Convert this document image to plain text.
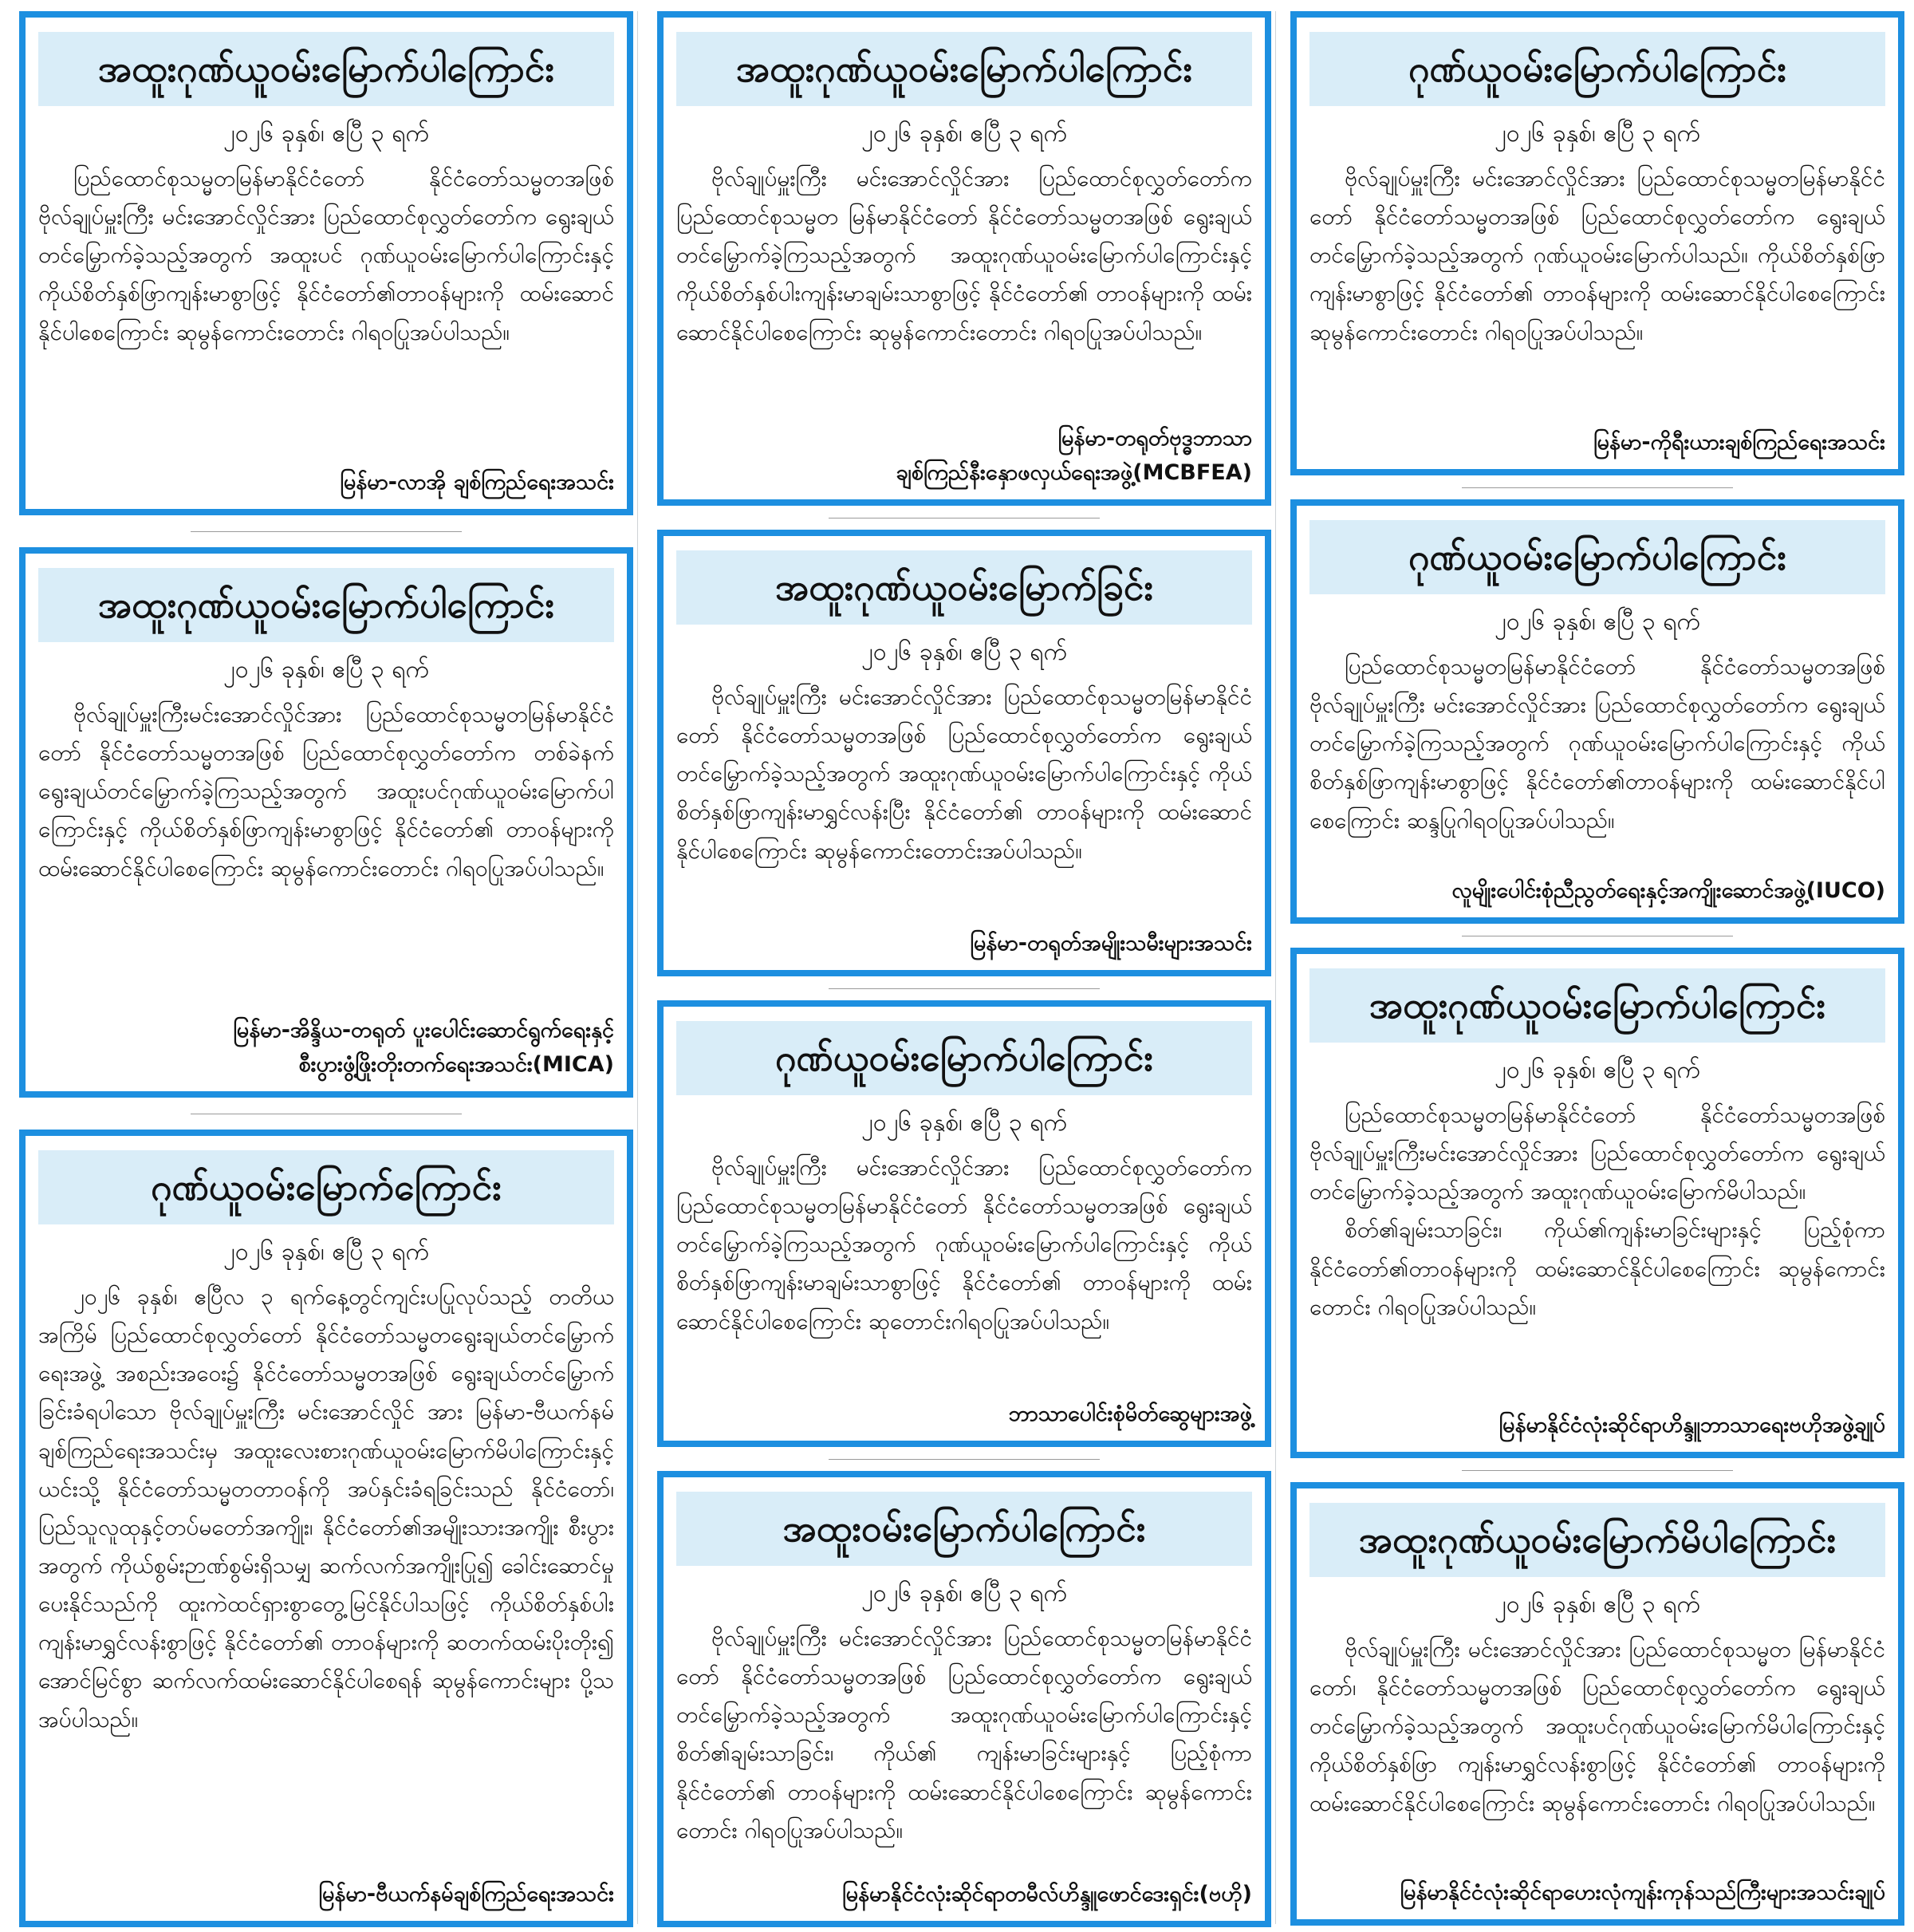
အထူးဂုဏ်ယူဝမ်းမြောက်ပါကြောင်း
၂၀၂၆ ခုနှစ်၊ ဧပြီ ၃ ရက်

ပြည်ထောင်စုသမ္မတမြန်မာနိုင်ငံတော် နိုင်ငံတော်သမ္မတအဖြစ် ဗိုလ်ချုပ်မှူးကြီး မင်းအောင်လှိုင်အား ပြည်ထောင်စုလွှတ်တော်က ရွေးချယ်တင်မြှောက်ခဲ့သည့်အတွက် အထူးပင် ဂုဏ်ယူဝမ်းမြောက်ပါကြောင်းနှင့် ကိုယ်စိတ်နှစ်ဖြာကျန်းမာစွာဖြင့် နိုင်ငံတော်၏တာဝန်များကို ထမ်းဆောင်နိုင်ပါစေကြောင်း ဆုမွန်ကောင်းတောင်း ဂါရဝပြုအပ်ပါသည်။

မြန်မာ-လာအို ချစ်ကြည်ရေးအသင်း
အထူးဂုဏ်ယူဝမ်းမြောက်ပါကြောင်း
၂၀၂၆ ခုနှစ်၊ ဧပြီ ၃ ရက်

ဗိုလ်ချုပ်မှူးကြီးမင်းအောင်လှိုင်အား ပြည်ထောင်စုသမ္မတမြန်မာနိုင်ငံတော် နိုင်ငံတော်သမ္မတအဖြစ် ပြည်ထောင်စုလွှတ်တော်က တစ်ခဲနက်ရွေးချယ်တင်မြှောက်ခဲ့ကြသည့်အတွက် အထူးပင်ဂုဏ်ယူဝမ်းမြောက်ပါကြောင်းနှင့် ကိုယ်စိတ်နှစ်ဖြာကျန်းမာစွာဖြင့် နိုင်ငံတော်၏ တာဝန်များကို ထမ်းဆောင်နိုင်ပါစေကြောင်း ဆုမွန်ကောင်းတောင်း ဂါရဝပြုအပ်ပါသည်။

မြန်မာ-အိန္ဒိယ-တရုတ် ပူးပေါင်းဆောင်ရွက်ရေးနှင့်
စီးပွားဖွံ့ဖြိုးတိုးတက်ရေးအသင်း(MICA)
ဂုဏ်ယူဝမ်းမြောက်ကြောင်း
၂၀၂၆ ခုနှစ်၊ ဧပြီ ၃ ရက်

၂၀၂၆ ခုနှစ်၊ ဧပြီလ ၃ ရက်နေ့တွင်ကျင်းပပြုလုပ်သည့် တတိယအကြိမ် ပြည်ထောင်စုလွှတ်တော် နိုင်ငံတော်သမ္မတရွေးချယ်တင်မြှောက်ရေးအဖွဲ့ အစည်းအဝေး၌ နိုင်ငံတော်သမ္မတအဖြစ် ရွေးချယ်တင်မြှောက်ခြင်းခံရပါသော ဗိုလ်ချုပ်မှူးကြီး မင်းအောင်လှိုင် အား မြန်မာ-ဗီယက်နမ်ချစ်ကြည်ရေးအသင်းမှ အထူးလေးစားဂုဏ်ယူဝမ်းမြောက်မိပါကြောင်းနှင့် ယင်းသို့ နိုင်ငံတော်သမ္မတတာဝန်ကို အပ်နှင်းခံရခြင်းသည် နိုင်ငံတော်၊ ပြည်သူလူထုနှင့်တပ်မတော်အကျိုး၊ နိုင်ငံတော်၏အမျိုးသားအကျိုး စီးပွားအတွက် ကိုယ်စွမ်းဉာဏ်စွမ်းရှိသမျှ ဆက်လက်အကျိုးပြု၍ ခေါင်းဆောင်မှုပေးနိုင်သည်ကို ထူးကဲထင်ရှားစွာတွေ့မြင်နိုင်ပါသဖြင့် ကိုယ်စိတ်နှစ်ပါးကျန်းမာရွှင်လန်းစွာဖြင့် နိုင်ငံတော်၏ တာဝန်များကို ဆတက်ထမ်းပိုးတိုး၍ အောင်မြင်စွာ ဆက်လက်ထမ်းဆောင်နိုင်ပါစေရန် ဆုမွန်ကောင်းများ ပို့သအပ်ပါသည်။

မြန်မာ-ဗီယက်နမ်ချစ်ကြည်ရေးအသင်း
အထူးဂုဏ်ယူဝမ်းမြောက်ပါကြောင်း
၂၀၂၆ ခုနှစ်၊ ဧပြီ ၃ ရက်

ဗိုလ်ချုပ်မှူးကြီး မင်းအောင်လှိုင်အား ပြည်ထောင်စုလွှတ်တော်က ပြည်ထောင်စုသမ္မတ မြန်မာနိုင်ငံတော် နိုင်ငံတော်သမ္မတအဖြစ် ရွေးချယ်တင်မြှောက်ခဲ့ကြသည့်အတွက် အထူးဂုဏ်ယူဝမ်းမြောက်ပါကြောင်းနှင့် ကိုယ်စိတ်နှစ်ပါးကျန်းမာချမ်းသာစွာဖြင့် နိုင်ငံတော်၏ တာဝန်များကို ထမ်းဆောင်နိုင်ပါစေကြောင်း ဆုမွန်ကောင်းတောင်း ဂါရဝပြုအပ်ပါသည်။

မြန်မာ-တရုတ်ဗုဒ္ဓဘာသာ
ချစ်ကြည်နီးနှောဖလှယ်ရေးအဖွဲ့(MCBFEA)
အထူးဂုဏ်ယူဝမ်းမြောက်ခြင်း
၂၀၂၆ ခုနှစ်၊ ဧပြီ ၃ ရက်

ဗိုလ်ချုပ်မှူးကြီး မင်းအောင်လှိုင်အား ပြည်ထောင်စုသမ္မတမြန်မာနိုင်ငံတော် နိုင်ငံတော်သမ္မတအဖြစ် ပြည်ထောင်စုလွှတ်တော်က ရွေးချယ်တင်မြှောက်ခဲ့သည့်အတွက် အထူးဂုဏ်ယူဝမ်းမြောက်ပါကြောင်းနှင့် ကိုယ်စိတ်နှစ်ဖြာကျန်းမာရွှင်လန်းပြီး နိုင်ငံတော်၏ တာဝန်များကို ထမ်းဆောင်နိုင်ပါစေကြောင်း ဆုမွန်ကောင်းတောင်းအပ်ပါသည်။

မြန်မာ-တရုတ်အမျိုးသမီးများအသင်း
ဂုဏ်ယူဝမ်းမြောက်ပါကြောင်း
၂၀၂၆ ခုနှစ်၊ ဧပြီ ၃ ရက်

ဗိုလ်ချုပ်မှူးကြီး မင်းအောင်လှိုင်အား ပြည်ထောင်စုလွှတ်တော်က ပြည်ထောင်စုသမ္မတမြန်မာနိုင်ငံတော် နိုင်ငံတော်သမ္မတအဖြစ် ရွေးချယ်တင်မြှောက်ခဲ့ကြသည့်အတွက် ဂုဏ်ယူဝမ်းမြောက်ပါကြောင်းနှင့် ကိုယ်စိတ်နှစ်ဖြာကျန်းမာချမ်းသာစွာဖြင့် နိုင်ငံတော်၏ တာဝန်များကို ထမ်းဆောင်နိုင်ပါစေကြောင်း ဆုတောင်းဂါရဝပြုအပ်ပါသည်။

ဘာသာပေါင်းစုံမိတ်ဆွေများအဖွဲ့
အထူးဝမ်းမြောက်ပါကြောင်း
၂၀၂၆ ခုနှစ်၊ ဧပြီ ၃ ရက်

ဗိုလ်ချုပ်မှူးကြီး မင်းအောင်လှိုင်အား ပြည်ထောင်စုသမ္မတမြန်မာနိုင်ငံတော် နိုင်ငံတော်သမ္မတအဖြစ် ပြည်ထောင်စုလွှတ်တော်က ရွေးချယ်တင်မြှောက်ခဲ့သည့်အတွက် အထူးဂုဏ်ယူဝမ်းမြောက်ပါကြောင်းနှင့် စိတ်၏ချမ်းသာခြင်း၊ ကိုယ်၏ ကျန်းမာခြင်းများနှင့် ပြည့်စုံကာ နိုင်ငံတော်၏ တာဝန်များကို ထမ်းဆောင်နိုင်ပါစေကြောင်း ဆုမွန်ကောင်းတောင်း ဂါရဝပြုအပ်ပါသည်။

မြန်မာနိုင်ငံလုံးဆိုင်ရာတမီလ်ဟိန္ဒူဖောင်ဒေးရှင်း(ဗဟို)
ဂုဏ်ယူဝမ်းမြောက်ပါကြောင်း
၂၀၂၆ ခုနှစ်၊ ဧပြီ ၃ ရက်

ဗိုလ်ချုပ်မှူးကြီး မင်းအောင်လှိုင်အား ပြည်ထောင်စုသမ္မတမြန်မာနိုင်ငံတော် နိုင်ငံတော်သမ္မတအဖြစ် ပြည်ထောင်စုလွှတ်တော်က ရွေးချယ်တင်မြှောက်ခဲ့သည့်အတွက် ဂုဏ်ယူဝမ်းမြောက်ပါသည်။ ကိုယ်စိတ်နှစ်ဖြာကျန်းမာစွာဖြင့် နိုင်ငံတော်၏ တာဝန်များကို ထမ်းဆောင်နိုင်ပါစေကြောင်း ဆုမွန်ကောင်းတောင်း ဂါရဝပြုအပ်ပါသည်။

မြန်မာ-ကိုရီးယားချစ်ကြည်ရေးအသင်း
ဂုဏ်ယူဝမ်းမြောက်ပါကြောင်း
၂၀၂၆ ခုနှစ်၊ ဧပြီ ၃ ရက်

ပြည်ထောင်စုသမ္မတမြန်မာနိုင်ငံတော် နိုင်ငံတော်သမ္မတအဖြစ် ဗိုလ်ချုပ်မှူးကြီး မင်းအောင်လှိုင်အား ပြည်ထောင်စုလွှတ်တော်က ရွေးချယ်တင်မြှောက်ခဲ့ကြသည့်အတွက် ဂုဏ်ယူဝမ်းမြောက်ပါကြောင်းနှင့် ကိုယ်စိတ်နှစ်ဖြာကျန်းမာစွာဖြင့် နိုင်ငံတော်၏တာဝန်များကို ထမ်းဆောင်နိုင်ပါစေကြောင်း ဆန္ဒပြုဂါရဝပြုအပ်ပါသည်။

လူမျိုးပေါင်းစုံညီညွတ်ရေးနှင့်အကျိုးဆောင်အဖွဲ့(IUCO)
အထူးဂုဏ်ယူဝမ်းမြောက်ပါကြောင်း
၂၀၂၆ ခုနှစ်၊ ဧပြီ ၃ ရက်

ပြည်ထောင်စုသမ္မတမြန်မာနိုင်ငံတော် နိုင်ငံတော်သမ္မတအဖြစ် ဗိုလ်ချုပ်မှူးကြီးမင်းအောင်လှိုင်အား ပြည်ထောင်စုလွှတ်တော်က ရွေးချယ်တင်မြှောက်ခဲ့သည့်အတွက် အထူးဂုဏ်ယူဝမ်းမြောက်မိပါသည်။

စိတ်၏ချမ်းသာခြင်း၊ ကိုယ်၏ကျန်းမာခြင်းများနှင့် ပြည့်စုံကာ နိုင်ငံတော်၏တာဝန်များကို ထမ်းဆောင်နိုင်ပါစေကြောင်း ဆုမွန်ကောင်းတောင်း ဂါရဝပြုအပ်ပါသည်။

မြန်မာနိုင်ငံလုံးဆိုင်ရာဟိန္ဒူဘာသာရေးဗဟိုအဖွဲ့ချုပ်
အထူးဂုဏ်ယူဝမ်းမြောက်မိပါကြောင်း
၂၀၂၆ ခုနှစ်၊ ဧပြီ ၃ ရက်

ဗိုလ်ချုပ်မှူးကြီး မင်းအောင်လှိုင်အား ပြည်ထောင်စုသမ္မတ မြန်မာနိုင်ငံတော်၊ နိုင်ငံတော်သမ္မတအဖြစ် ပြည်ထောင်စုလွှတ်တော်က ရွေးချယ်တင်မြှောက်ခဲ့သည့်အတွက် အထူးပင်ဂုဏ်ယူဝမ်းမြောက်မိပါကြောင်းနှင့် ကိုယ်စိတ်နှစ်ဖြာ ကျန်းမာရွှင်လန်းစွာဖြင့် နိုင်ငံတော်၏ တာဝန်များကို ထမ်းဆောင်နိုင်ပါစေကြောင်း ဆုမွန်ကောင်းတောင်း ဂါရဝပြုအပ်ပါသည်။

မြန်မာနိုင်ငံလုံးဆိုင်ရာဟေးလုံကျန်းကုန်သည်ကြီးများအသင်းချုပ်
